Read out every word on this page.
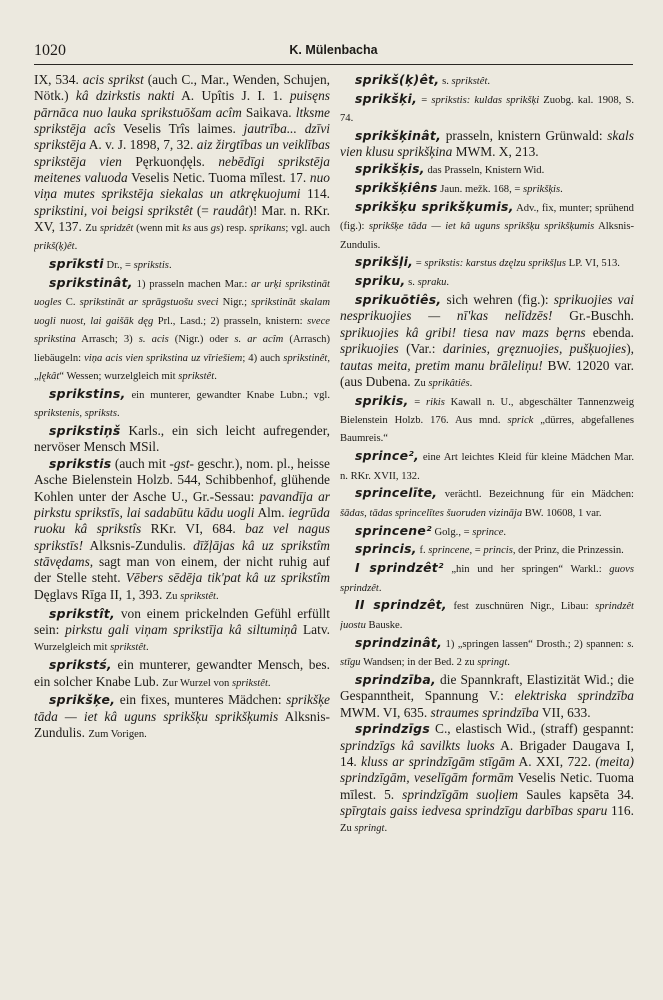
1020	K. Mülenbacha
IX, 534. acis sprikst (auch C., Mar., Wenden, Schujen, Nötk.) kâ dzirkstis nakti A. Upîtis J. I. 1. puisęns pārnāca nuo lauka sprikstuōšam acîm Saikava. ltksme sprikstēja acîs Veselis Trîs laimes. jautrība... dzīvi sprikstēja A. v. J. 1898, 7, 32. aiz žirgtības un veiklības sprikstēja vien Pęrkuonḑęls. nebēdīgi sprikstēja meitenes valuoda Veselis Netic. Tuoma mīlest. 17. nuo viņa mutes sprikstēja siekalas un atkrękuojumi 114. sprikstini, voi beigsi sprikstêt (= raudât)! Mar. n. RKr. XV, 137. Zu spridzêt (wenn mit ks aus gs) resp. sprikans; vgl. auch prikš(ķ)êt.
sprīksti Dr., = sprikstis.
sprikstinât, 1) prasseln machen Mar.: ar urķi sprikstināt uogles C. sprikstināt ar sprāgstuošu sveci Nigr.; sprikstināt skalam uogli nuost, lai gaišāk dęg Prl., Lasd.; 2) prasseln, knistern: svece sprikstina Arrasch; 3) s. acis (Nigr.) oder s. ar acîm (Arrasch) liebäugeln: viņa acis vien sprikstina uz vīriešiem; 4) auch sprikstinêt, „ļękât“ Wessen; wurzelgleich mit sprikstêt.
sprikstins, ein munterer, gewandter Knabe Lubn.; vgl. sprikstenis, spriksts.
sprikstiņš Karls., ein sich leicht aufregender, nervöser Mensch MSil.
sprikstis (auch mit -gst- geschr.), nom. pl., heisse Asche Bielenstein Holzb. 544, Schibbenhof, glühende Kohlen unter der Asche U., Gr.-Sessau: pavandīja ar pirkstu sprikstīs, lai sadabūtu kādu uogli Alm. iegrūda ruoku kâ sprikstîs RKr. VI, 684. baz vel nagus sprikstīs! Alksnis-Zundulis. dīžļājas kâ uz sprikstîm stāvędams, sagt man von einem, der nicht ruhig auf der Stelle steht. Vēbers sēdēja tik'pat kâ uz sprikstîm Dęglavs Rīga II, 1, 393. Zu sprikstêt.
sprikstît, von einem prickelnden Gefühl erfüllt sein: pirkstu gali viņam sprikstīja kâ siltumiņâ Latv. Wurzelgleich mit sprikstêt.
sprikstś, ein munterer, gewandter Mensch, bes. ein solcher Knabe Lub. Zur Wurzel von sprikstêt.
sprikšķe, ein fixes, munteres Mädchen: sprikšķe tāda — iet kâ uguns sprikšķu sprikšķumis Alksnis-Zundulis. Zum Vorigen.
sprikš(ķ)êt, s. sprikstêt.
sprikšķi, = sprikstis: kuldas sprikšķi Zuobg. kal. 1908, S. 74.
sprikšķinât, prasseln, knistern Grünwald: skals vien klusu sprikšķina MWM. X, 213.
sprikšķis, das Prasseln, Knistern Wid.
sprikšķiêns Jaun. mežk. 168, = sprikšķis.
sprikšķu sprikšķumis, Adv., fix, munter; sprühend (fig.): sprikšķe tāda — iet kâ uguns sprikšķu sprikšķumis Alksnis-Zundulis.
sprikšļi, = sprikstis: karstus dzęlzu sprikšļus LP. VI, 513.
spriku, s. spraku.
sprikuōtiês, sich wehren (fig.): sprikuojies vai nesprikuojies — nī'kas nelīdzēs! Gr.-Buschh. sprikuojies kâ gribi! tiesa nav mazs bęrns ebenda. sprikuojies (Var.: darinies, gręznuojies, pušķuojies), tautas meita, pretim manu brāleliņu! BW. 12020 var. (aus Dubena. Zu sprikâtiês.
sprikis, = rikis Kawall n. U., abgeschälter Tannenzweig Bielenstein Holzb. 176. Aus mnd. sprick „dürres, abgefallenes Baumreis.“
sprince², eine Art leichtes Kleid für kleine Mädchen Mar. n. RKr. XVII, 132.
sprincelīte, verächtl. Bezeichnung für ein Mädchen: šādas, tādas sprincelītes šuoruden vizināja BW. 10608, 1 var.
sprincene² Golg., = sprince.
sprincis, f. sprincene, = princis, der Prinz, die Prinzessin.
I sprindzêt² „hin und her springen“ Warkl.: guovs sprindzêt.
II sprindzêt, fest zuschnüren Nigr., Libau: sprindzêt juostu Bauske.
sprindzinât, 1) „springen lassen“ Drosth.; 2) spannen: s. stīgu Wandsen; in der Bed. 2 zu springt.
sprindzība, die Spannkraft, Elastizität Wid.; die Gespanntheit, Spannung V.: elektriska sprindzība MWM. VI, 635. straumes sprindzība VII, 633.
sprindzīgs C., elastisch Wid., (straff) gespannt: sprindzīgs kâ savilkts luoks A. Brigader Daugava I, 14. kluss ar sprindzīgām stīgām A. XXI, 722. (meita) sprindzīgām, veselīgām formām Veselis Netic. Tuoma mīlest. 5. sprindzīgām suoļiem Saules kapsēta 34. spīrgtais gaiss iedvesa sprindzīgu darbības sparu 116. Zu springt.
